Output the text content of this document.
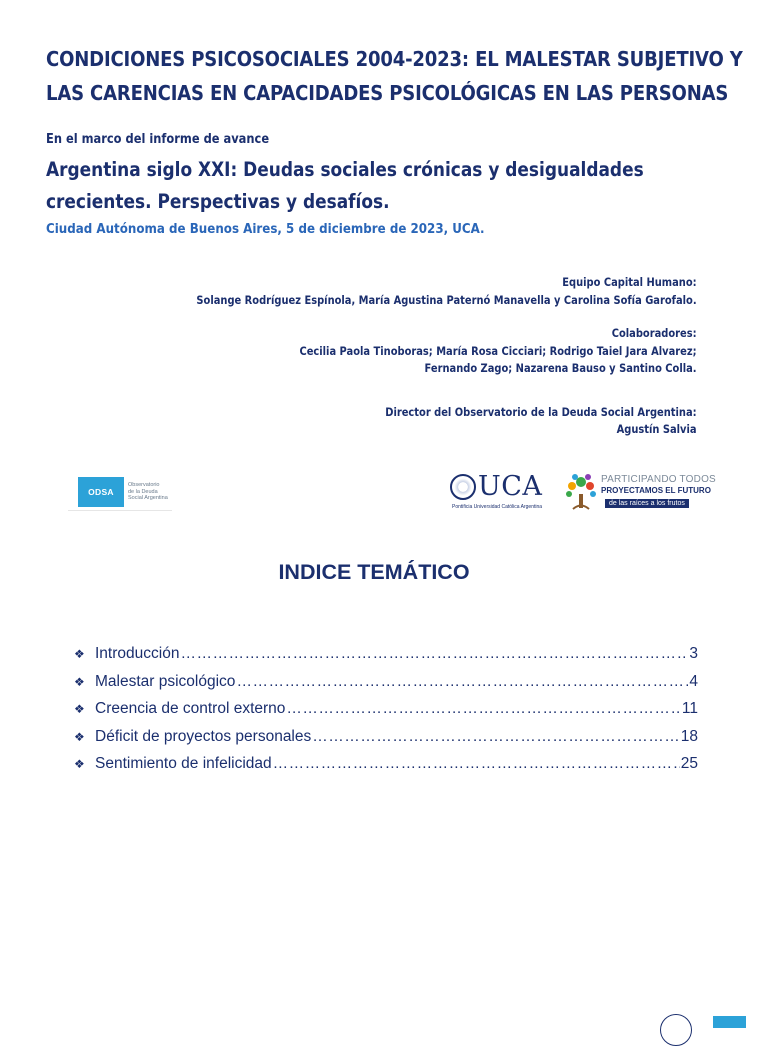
CONDICIONES PSICOSOCIALES 2004-2023: EL MALESTAR SUBJETIVO Y
LAS CARENCIAS EN CAPACIDADES PSICOLÓGICAS EN LAS PERSONAS
En el marco del informe de avance
Argentina siglo XXI: Deudas sociales crónicas y desigualdades
crecientes. Perspectivas y desafíos.
Ciudad Autónoma de Buenos Aires, 5 de diciembre de 2023, UCA.
Equipo Capital Humano:
Solange Rodríguez Espínola, María Agustina Paternó Manavella y Carolina Sofía Garofalo.
Colaboradores:
Cecilia Paola Tinoboras; María Rosa Cicciari; Rodrigo Taiel Jara Alvarez;
Fernando Zago; Nazarena Bauso y Santino Colla.
Director del Observatorio de la Deuda Social Argentina:
Agustín Salvia
ODSA
Observatorio
de la Deuda
Social Argentina	UCA
Pontificia Universidad Católica Argentina
PARTICIPANDO TODOS
PROYECTAMOS EL FUTURO
de las raíces a los frutos
INDICE TEMÁTICO
❖ Introducción ………………………………………………………………………………………………………………………………………	3
❖ Malestar psicológico ………………………………………………………………………………………………………………………………………	4
❖ Creencia de control externo ………………………………………………………………………………………………………………………………………	11
❖ Déficit de proyectos personales ………………………………………………………………………………………………………………………………………	18
❖ Sentimiento de infelicidad ………………………………………………………………………………………………………………………………………	25
